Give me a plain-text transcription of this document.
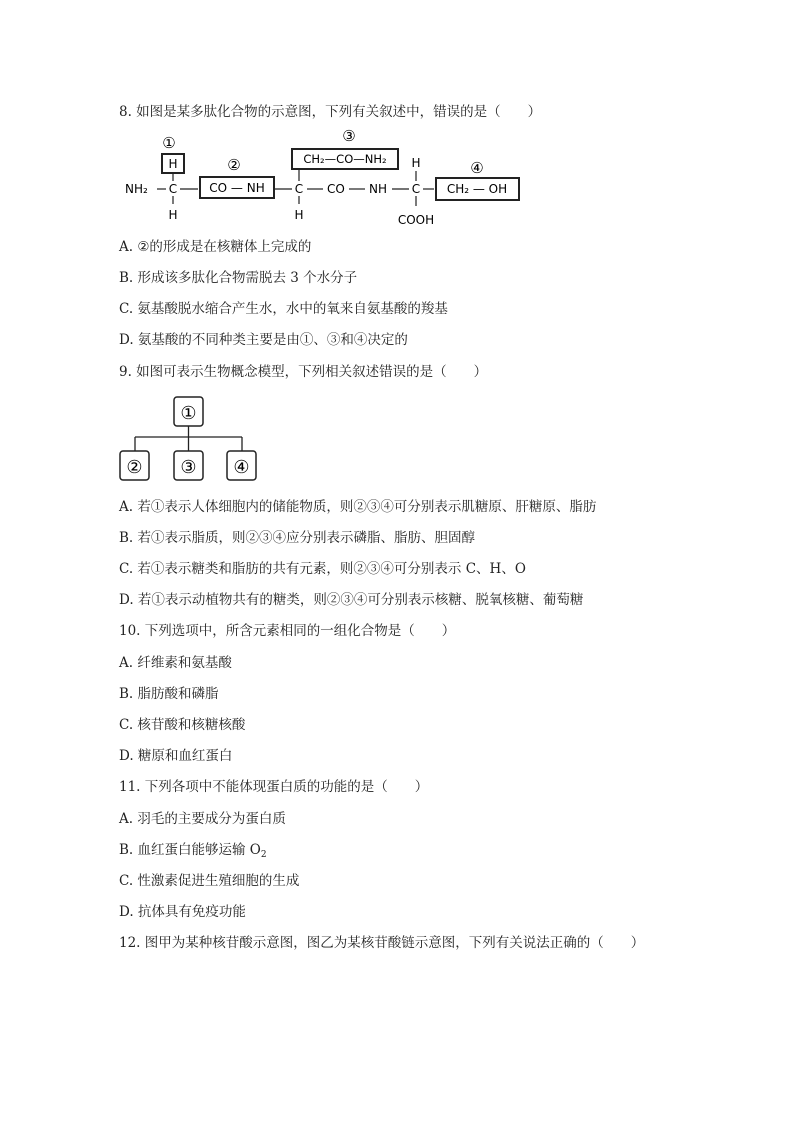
8. 如图是某多肽化合物的示意图，下列有关叙述中，错误的是（　　）
①
②
③
④
H
NH₂ C
H
CO — NH
CH₂—CO—NH₂
C
H
CO NH
H
C
COOH
CH₂ — OH
A. ②的形成是在核糖体上完成的
B. 形成该多肽化合物需脱去 3 个水分子
C. 氨基酸脱水缩合产生水，水中的氧来自氨基酸的羧基
D. 氨基酸的不同种类主要是由①、③和④决定的
9. 如图可表示生物概念模型，下列相关叙述错误的是（　　）
①
② ③ ④
A. 若①表示人体细胞内的储能物质，则②③④可分别表示肌糖原、肝糖原、脂肪
B. 若①表示脂质，则②③④应分别表示磷脂、脂肪、胆固醇
C. 若①表示糖类和脂肪的共有元素，则②③④可分别表示 C、H、O
D. 若①表示动植物共有的糖类，则②③④可分别表示核糖、脱氧核糖、葡萄糖
10. 下列选项中，所含元素相同的一组化合物是（　　）
A. 纤维素和氨基酸
B. 脂肪酸和磷脂
C. 核苷酸和核糖核酸
D. 糖原和血红蛋白
11. 下列各项中不能体现蛋白质的功能的是（　　）
A. 羽毛的主要成分为蛋白质
B. 血红蛋白能够运输 $O_2$
C. 性激素促进生殖细胞的生成
D. 抗体具有免疫功能
12. 图甲为某种核苷酸示意图，图乙为某核苷酸链示意图，下列有关说法正确的（　　）
